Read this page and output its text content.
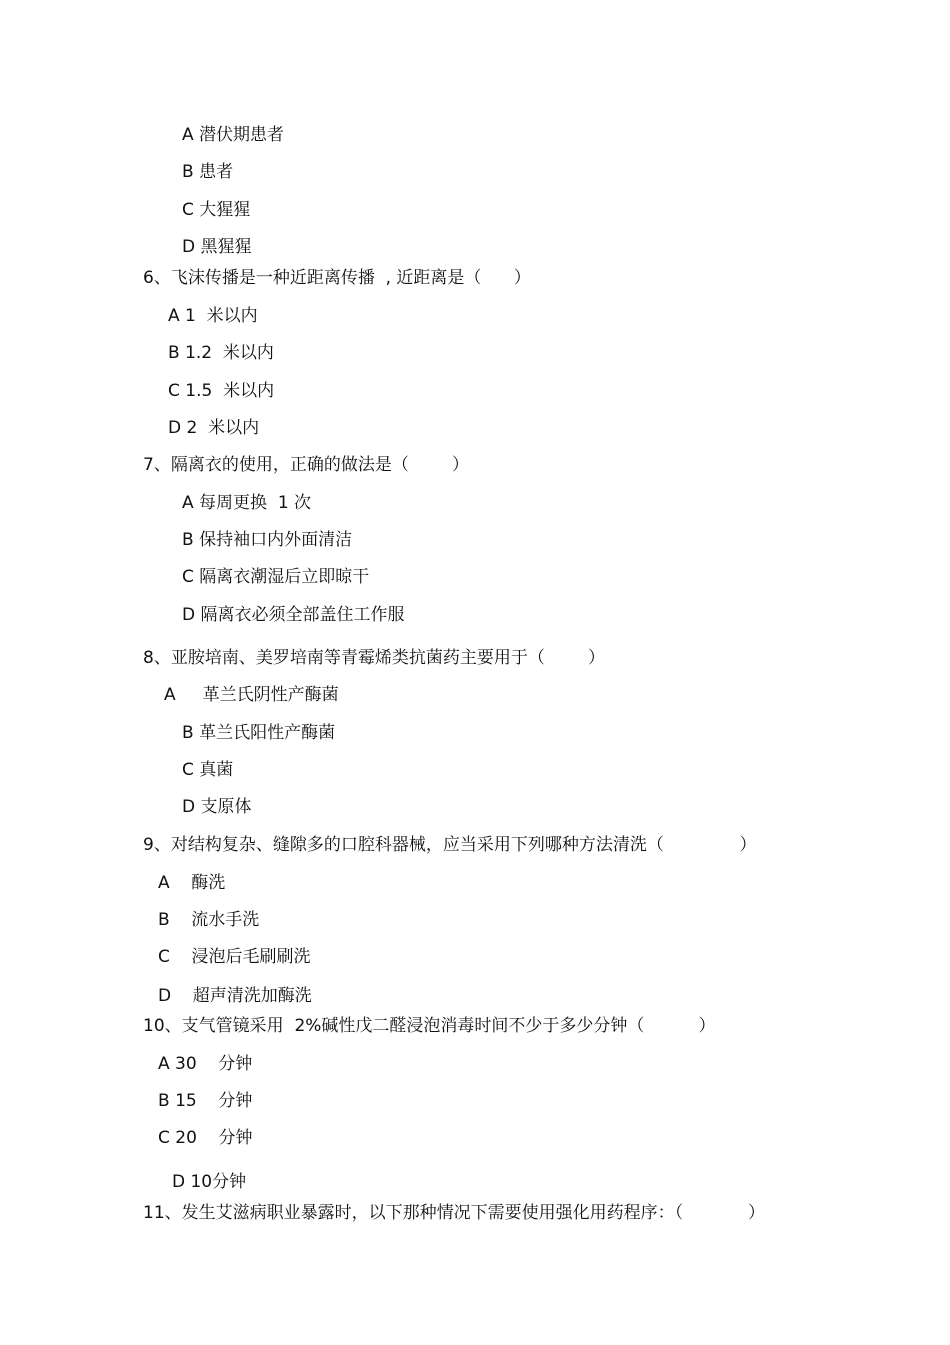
A 潜伏期患者
B 患者
C 大猩猩
D 黑猩猩
6、飞沫传播是一种近距离传播  , 近距离是（      ）
A 1  米以内
B 1.2  米以内
C 1.5  米以内
D 2  米以内
7、隔离衣的使用，正确的做法是（        ）
A 每周更换  1 次
B 保持袖口内外面清洁
C 隔离衣潮湿后立即晾干
D 隔离衣必须全部盖住工作服
8、亚胺培南、美罗培南等青霉烯类抗菌药主要用于（        ）
A     革兰氏阴性产酶菌
B 革兰氏阳性产酶菌
C 真菌
D 支原体
9、对结构复杂、缝隙多的口腔科器械，应当采用下列哪种方法清洗（              ）
A    酶洗
B    流水手洗
C    浸泡后毛刷刷洗
D    超声清洗加酶洗
10、支气管镜采用  2%碱性戊二醛浸泡消毒时间不少于多少分钟（          ）
A 30    分钟
B 15    分钟
C 20    分钟
D 10分钟
11、发生艾滋病职业暴露时，以下那种情况下需要使用强化用药程序：（            ）
